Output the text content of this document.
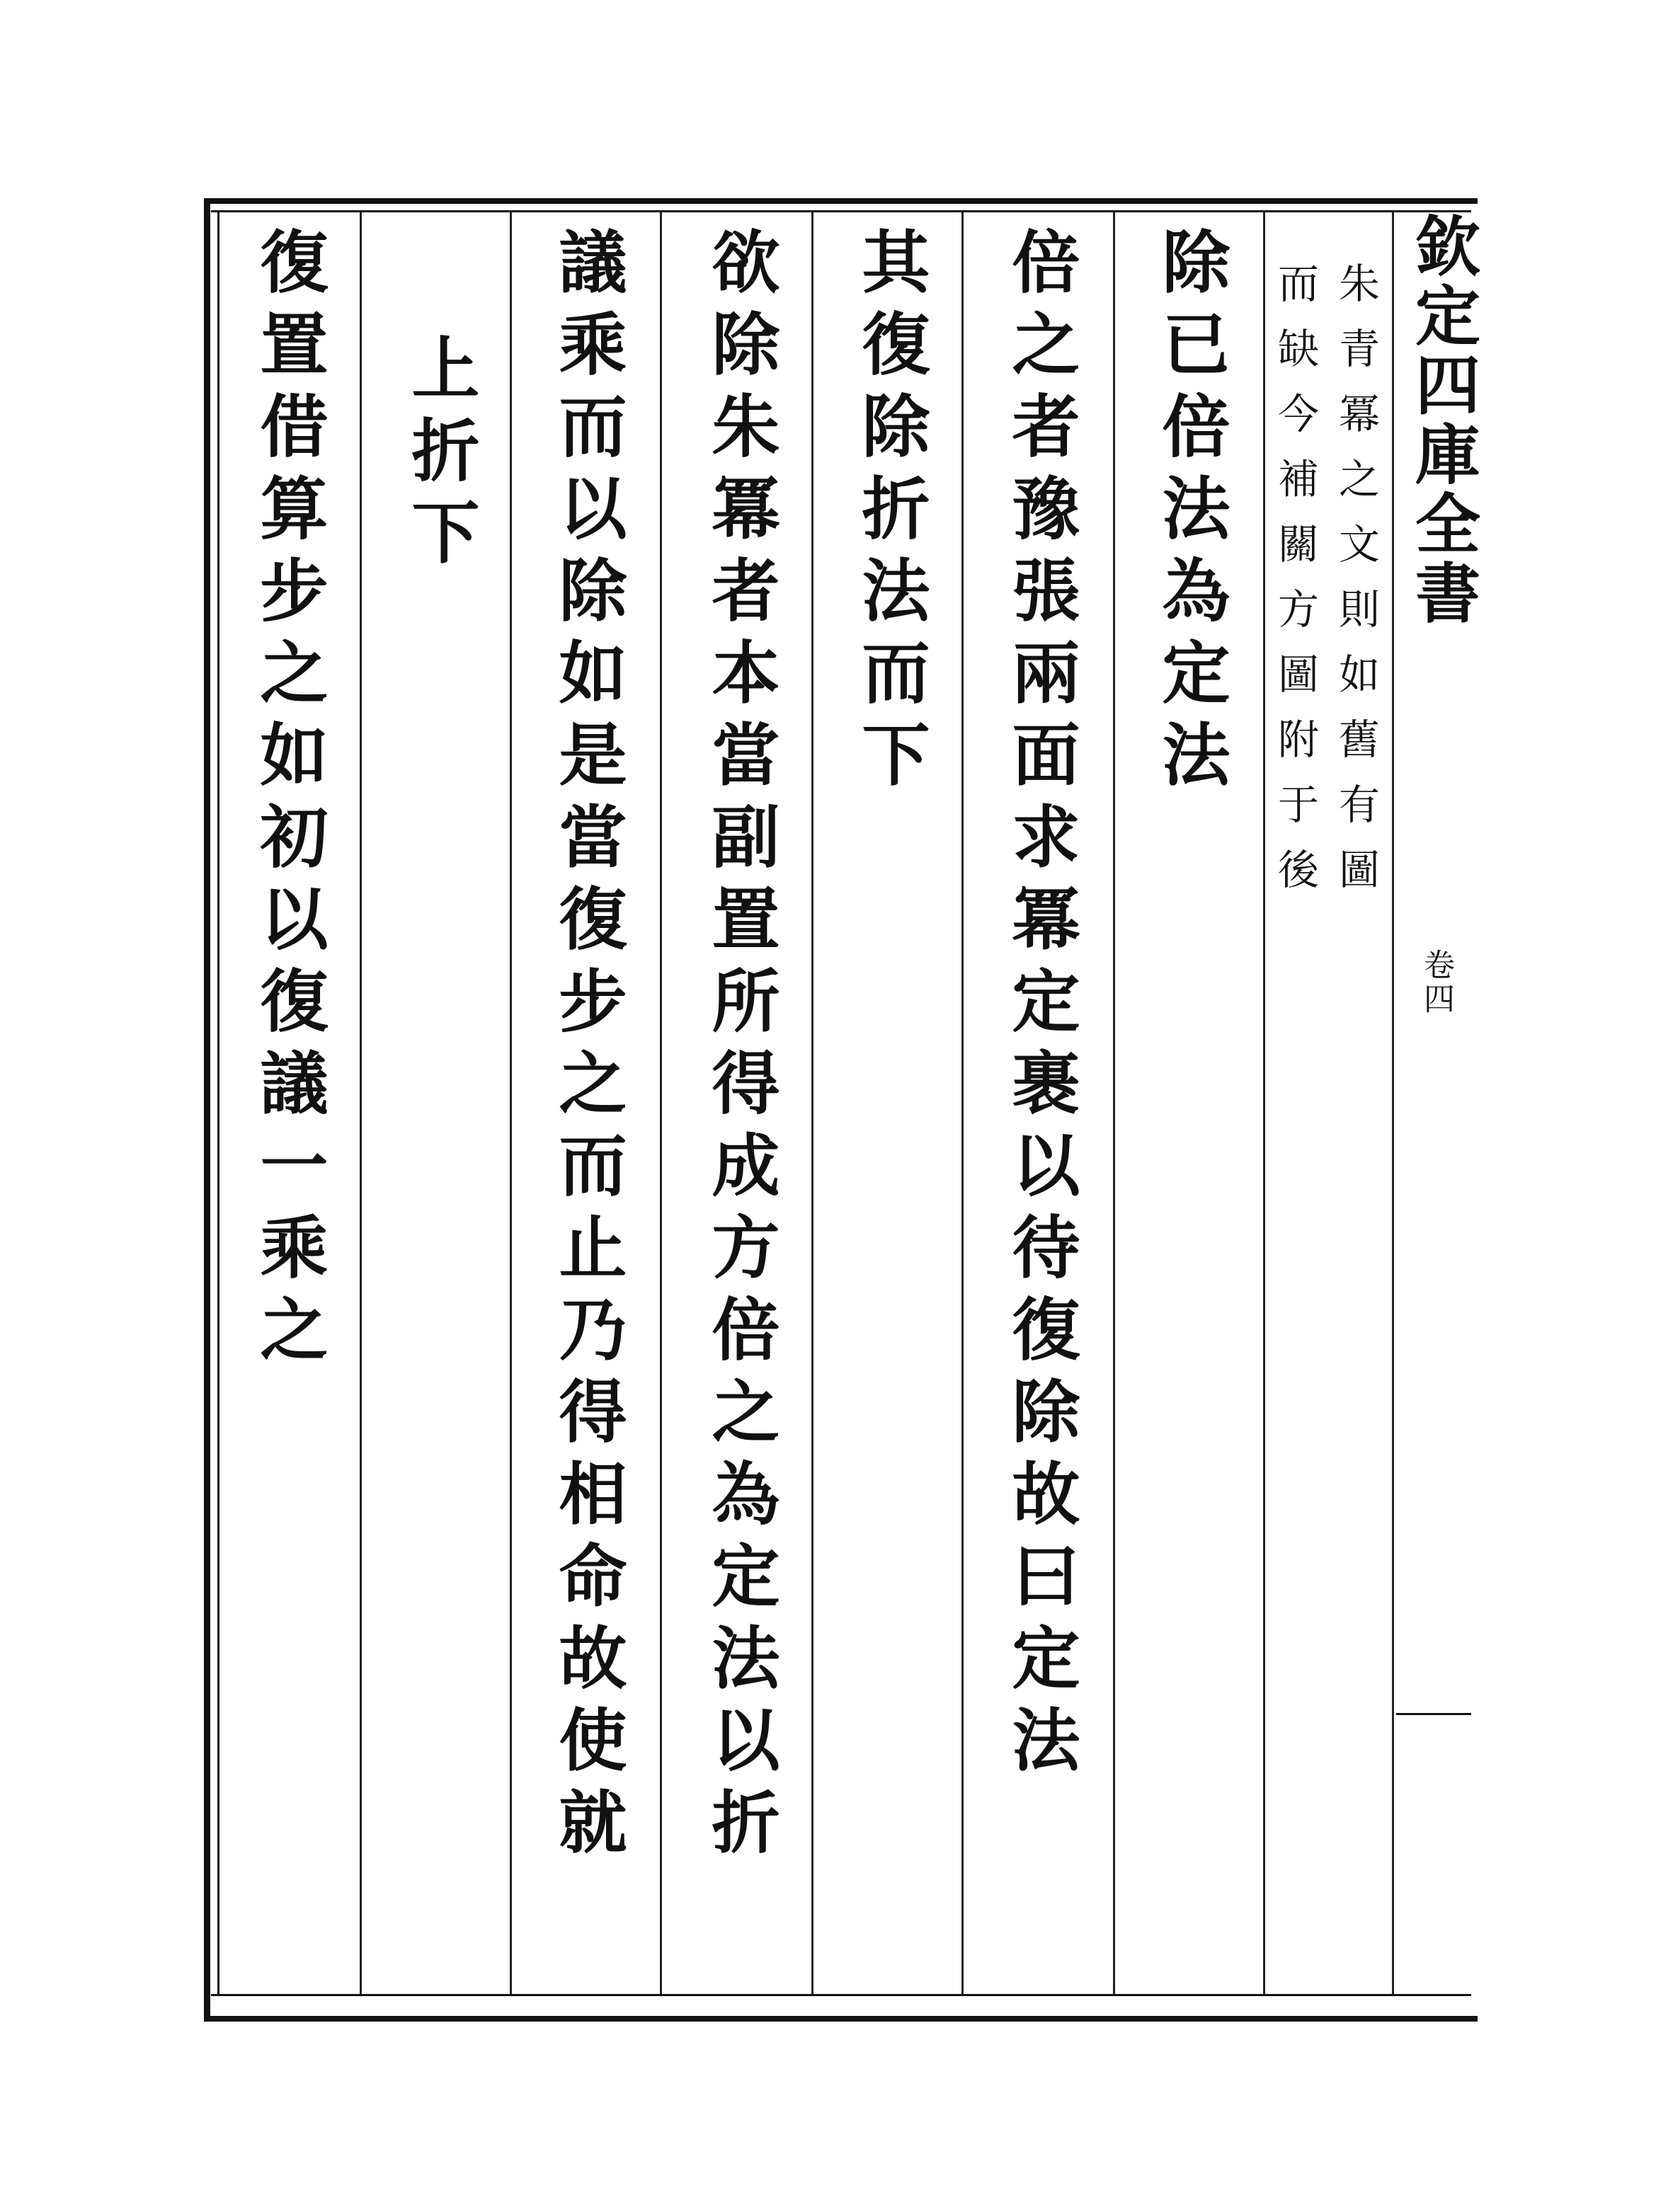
欽定四庫全書
卷四
朱青冪之文則如舊有圖
而缺今補關方圖附于後
除已倍法為定法
倍之者豫張兩面求冪定裹以待復除故曰定法
其復除折法而下
欲除朱冪者本當副置所得成方倍之為定法以折
議乘而以除如是當復步之而止乃得相命故使就
上折下
復置借算步之如初以復議一乘之
